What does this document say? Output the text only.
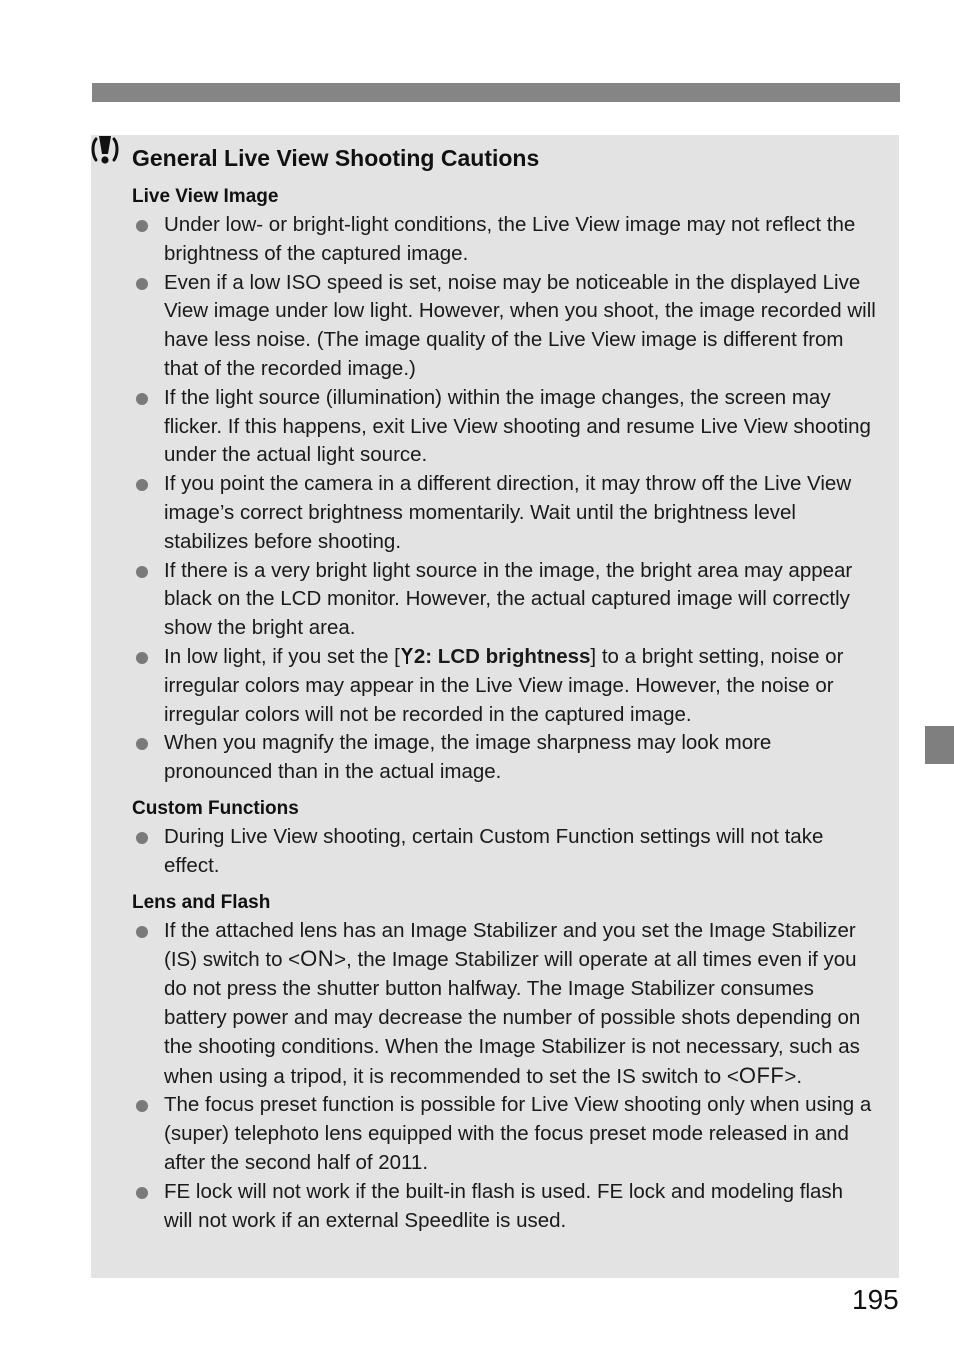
General Live View Shooting Cautions
Live View Image
Under low- or bright-light conditions, the Live View image may not reflect the brightness of the captured image.
Even if a low ISO speed is set, noise may be noticeable in the displayed Live View image under low light. However, when you shoot, the image recorded will have less noise. (The image quality of the Live View image is different from that of the recorded image.)
If the light source (illumination) within the image changes, the screen may flicker. If this happens, exit Live View shooting and resume Live View shooting under the actual light source.
If you point the camera in a different direction, it may throw off the Live View image’s correct brightness momentarily. Wait until the brightness level stabilizes before shooting.
If there is a very bright light source in the image, the bright area may appear black on the LCD monitor. However, the actual captured image will correctly show the bright area.
In low light, if you set the [ 2: LCD brightness] to a bright setting, noise or irregular colors may appear in the Live View image. However, the noise or irregular colors will not be recorded in the captured image.
When you magnify the image, the image sharpness may look more pronounced than in the actual image.
Custom Functions
During Live View shooting, certain Custom Function settings will not take effect.
Lens and Flash
If the attached lens has an Image Stabilizer and you set the Image Stabilizer (IS) switch to <ON>, the Image Stabilizer will operate at all times even if you do not press the shutter button halfway. The Image Stabilizer consumes battery power and may decrease the number of possible shots depending on the shooting conditions. When the Image Stabilizer is not necessary, such as when using a tripod, it is recommended to set the IS switch to <OFF>.
The focus preset function is possible for Live View shooting only when using a (super) telephoto lens equipped with the focus preset mode released in and after the second half of 2011.
FE lock will not work if the built-in flash is used. FE lock and modeling flash will not work if an external Speedlite is used.
195
